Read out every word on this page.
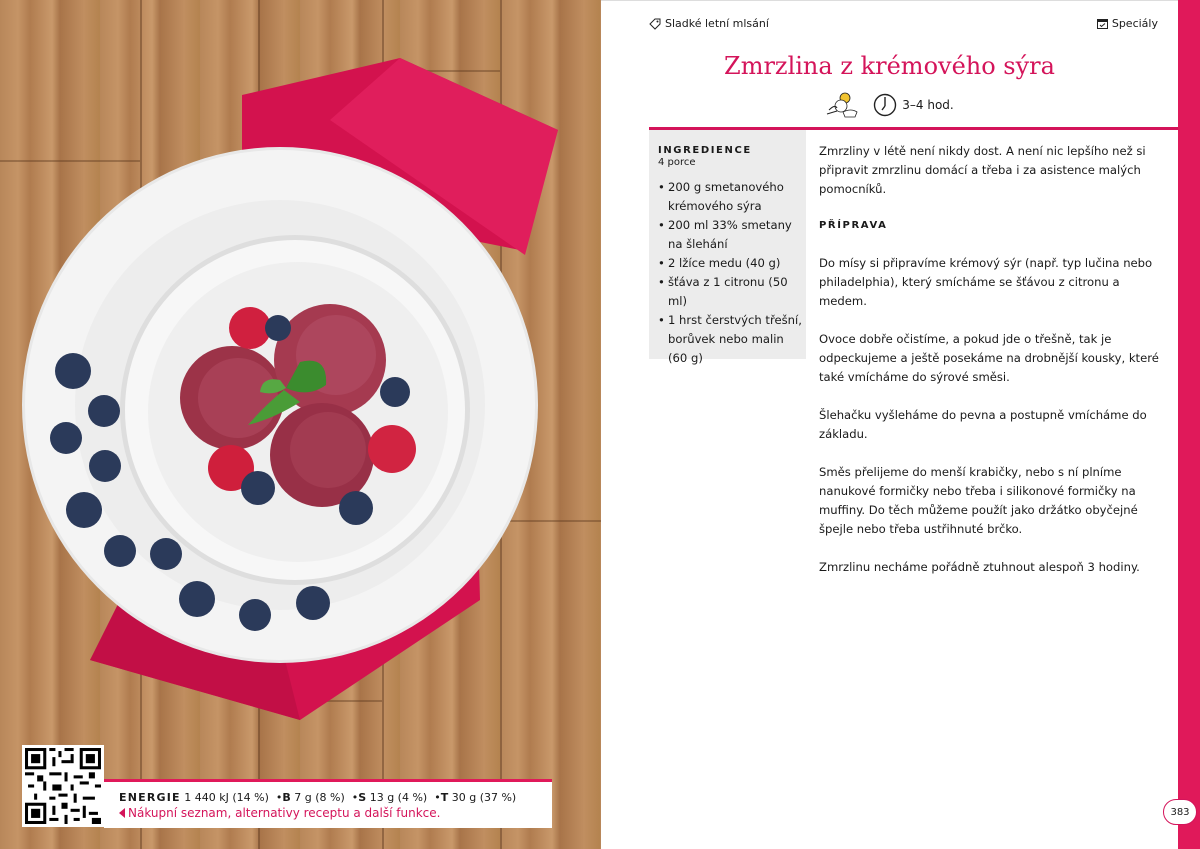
ENERGIE 1 440 kJ (14 %)  •B 7 g (8 %)  •S 13 g (4 %)  •T 30 g (37 %)
Nákupní seznam, alternativy receptu a další funkce.
Sladké letní mlsání	Speciály
Zmrzlina z krémového sýra
3–4 hod.
INGREDIENCE
4 porce
• 200 g smetanového krémového sýra
• 200 ml 33% smetany na šlehání
• 2 lžíce medu (40 g)
• šťáva z 1 citronu (50 ml)
• 1 hrst čerstvých třešní, borůvek nebo malin (60 g)

Zmrzliny v létě není nikdy dost. A není nic lepšího než si připravit zmrzlinu domácí a třeba i za asistence malých pomocníků.

PŘÍPRAVA

Do mísy si připravíme krémový sýr (např. typ lučina nebo philadelphia), který smícháme se šťávou z citronu a medem.

Ovoce dobře očistíme, a pokud jde o třešně, tak je odpeckujeme a ještě posekáme na drobnější kousky, které také vmícháme do sýrové směsi.

Šlehačku vyšleháme do pevna a postupně vmícháme do základu.

Směs přelijeme do menší krabičky, nebo s ní plníme nanukové formičky nebo třeba i silikonové formičky na muffiny. Do těch můžeme použít jako držátko obyčejné špejle nebo třeba ustřihnuté brčko.

Zmrzlinu necháme pořádně ztuhnout alespoň 3 hodiny.

383
